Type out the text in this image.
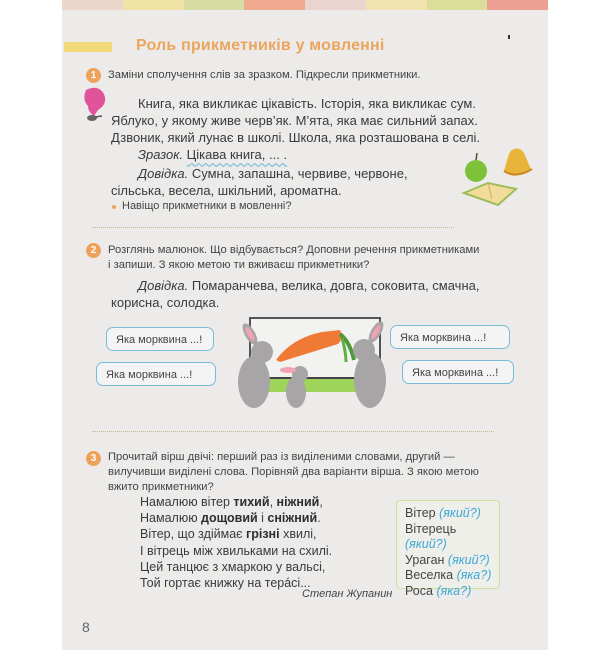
Роль прикметників у мовленні
1	Заміни сполучення слів за зразком. Підкресли прикметники.
Книга, яка викликає цікавість. Історія, яка викликає сум.
Яблуко, у якому живе черв’як. М’ята, яка має сильний запах.
Дзвоник, який лунає в школі. Школа, яка розташована в селі.
Зразок. Цікава книга, ... .
Довідка. Сумна, запашна, червиве, червоне,
сільська, весела, шкільний, ароматна.
Навіщо прикметники в мовленні?
2	Розглянь малюнок. Що відбувається? Доповни речення прикметниками
і запиши. З якою метою ти вживаєш прикметники?
Довідка. Помаранчева, велика, довга, соковита, смачна,
корисна, солодка.
Яка морквина ...!
Яка морквина ...!
Яка морквина ...!
Яка морквина ...!
3	Прочитай вірш двічі: перший раз із виділеними словами, другий —
вилучивши виділені слова. Порівняй два варіанти вірша. З якою метою
вжито прикметники?
Намалюю вітер тихий, ніжний,
Намалюю дощовий і сніжний.
Вітер, що здіймає грізні хвилі,
І вітрець між хвильками на схилі.
Цей танцює з хмаркою у вальсі,
Той гортає книжку на терáсі...
Степан Жупанин
Вітер (який?)
Вітерець (який?)
Ураган (який?)
Веселка (яка?)
Роса (яка?)
8
